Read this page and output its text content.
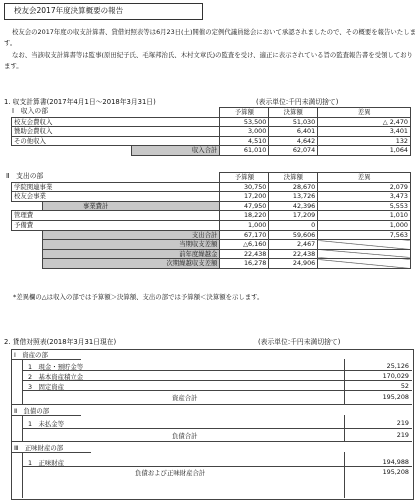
校友会2017年度決算概要の報告
校友会の2017年度の収支計算書、貸借対照表等は6月23日(土)開催の定例代議員総会において承認されましたので、その概要を報告いたします。
なお、当該収支計算書等は監事(原田紀子氏、毛塚邦治氏、木村文章氏)の監査を受け、適正に表示されている旨の監査報告書を受領しております。
1. 収支計算書(2017年4月1日～2018年3月31日)	(表示単位:千円未満切捨て)
Ⅰ　収入の部
		予算額	決算額	差異
校友会費収入		53,500	51,030	△ 2,470
贊助会費収入		3,000	6,401	3,401
その他収入		4,510	4,642	132
	収入合計	61,010	62,074	1,064
Ⅱ　支出の部
		予算額	決算額	差異
学院関連事業		30,750	28,670	2,079
校友会事業		17,200	13,726	3,473
	事業費計	47,950	42,396	5,553
管理費		18,220	17,209	1,010
予備費		1,000	0	1,000
	支出合計	67,170	59,606	7,563
	当期収支差額	△6,160	2,467	
	前年度繰越金	22,438	22,438	
	次期繰越収支差額	16,278	24,906	
*差異欄の△は収入の部では予算額＞決算額、支出の部では予算額＜決算額を示します。
2. 貸借対照表(2018年3月31日現在)	(表示単位:千円未満切捨て)
Ⅰ　資産の部
1　現金・預貯金等	25,126
2　基本資産積立金	170,029
3　固定資産	52
資産合計	195,208
Ⅱ　負債の部
1　未払金等	219
負債合計	219
Ⅲ　正味財産の部
1　正味財産	194,988
負債および正味財産合計	195,208
